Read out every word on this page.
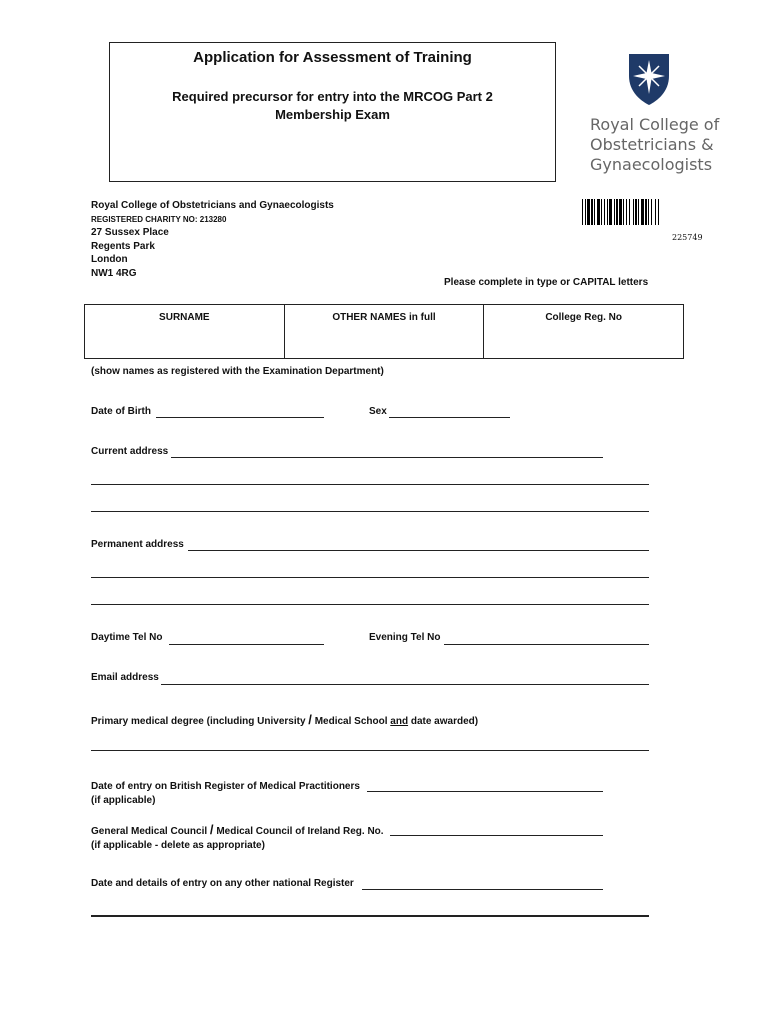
Application for Assessment of Training
Required precursor for entry into the MRCOG Part 2 Membership Exam
Royal College of
Obstetricians &
Gynaecologists
Royal College of Obstetricians and Gynaecologists
REGISTERED CHARITY NO: 213280
27 Sussex Place
Regents Park
London
NW1 4RG
225749
Please complete in type or CAPITAL letters
SURNAME	OTHER NAMES in full	College Reg. No
(show names as registered with the Examination Department)
Date of Birth	Sex
Current address
Permanent address
Daytime Tel No	Evening Tel No
Email address
Primary medical degree (including University / Medical School and date awarded)
Date of entry on British Register of Medical Practitioners
(if applicable)
General Medical Council / Medical Council of Ireland Reg. No.
(if applicable - delete as appropriate)
Date and details of entry on any other national Register
